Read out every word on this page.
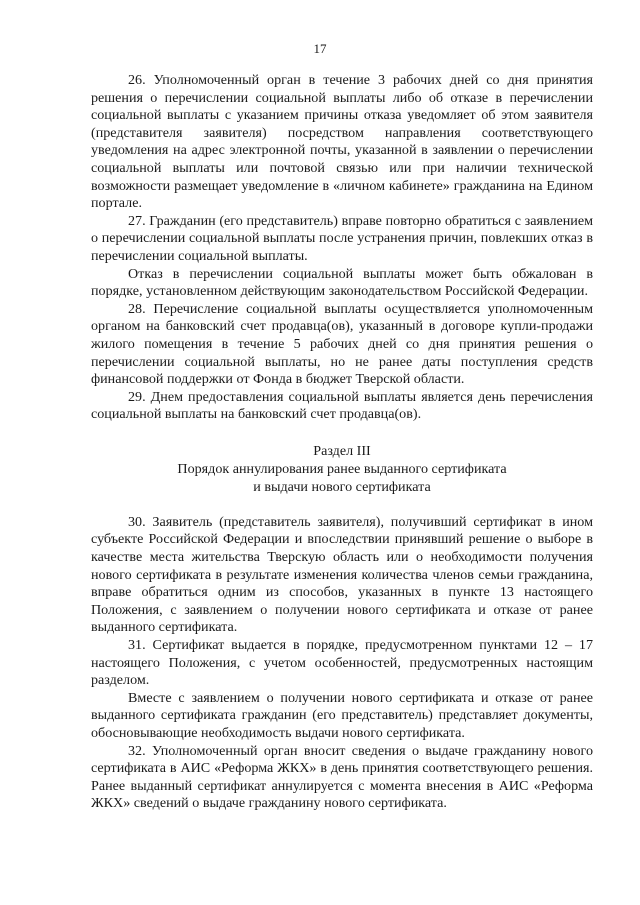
17

26. Уполномоченный орган в течение 3 рабочих дней со дня принятия решения о перечислении социальной выплаты либо об отказе в перечислении социальной выплаты с указанием причины отказа уведомляет об этом заявителя (представителя заявителя) посредством направления соответствующего уведомления на адрес электронной почты, указанной в заявлении о перечислении социальной выплаты или почтовой связью или при наличии технической возможности размещает уведомление в «личном кабинете» гражданина на Едином портале.

27. Гражданин (его представитель) вправе повторно обратиться с заявлением о перечислении социальной выплаты после устранения причин, повлекших отказ в перечислении социальной выплаты.

Отказ в перечислении социальной выплаты может быть обжалован в порядке, установленном действующим законодательством Российской Федерации.

28. Перечисление социальной выплаты осуществляется уполномоченным органом на банковский счет продавца(ов), указанный в договоре купли-продажи жилого помещения в течение 5 рабочих дней со дня принятия решения о перечислении социальной выплаты, но не ранее даты поступления средств финансовой поддержки от Фонда в бюджет Тверской области.

29. Днем предоставления социальной выплаты является день перечисления социальной выплаты на банковский счет продавца(ов).

Раздел III
Порядок аннулирования ранее выданного сертификата
и выдачи нового сертификата

30. Заявитель (представитель заявителя), получивший сертификат в ином субъекте Российской Федерации и впоследствии принявший решение о выборе в качестве места жительства Тверскую область или о необходимости получения нового сертификата в результате изменения количества членов семьи гражданина, вправе обратиться одним из способов, указанных в пункте 13 настоящего Положения, с заявлением о получении нового сертификата и отказе от ранее выданного сертификата.

31. Сертификат выдается в порядке, предусмотренном пунктами 12 – 17 настоящего Положения, с учетом особенностей, предусмотренных настоящим разделом.

Вместе с заявлением о получении нового сертификата и отказе от ранее выданного сертификата гражданин (его представитель) представляет документы, обосновывающие необходимость выдачи нового сертификата.

32. Уполномоченный орган вносит сведения о выдаче гражданину нового сертификата в АИС «Реформа ЖКХ» в день принятия соответствующего решения. Ранее выданный сертификат аннулируется с момента внесения в АИС «Реформа ЖКХ» сведений о выдаче гражданину нового сертификата.
